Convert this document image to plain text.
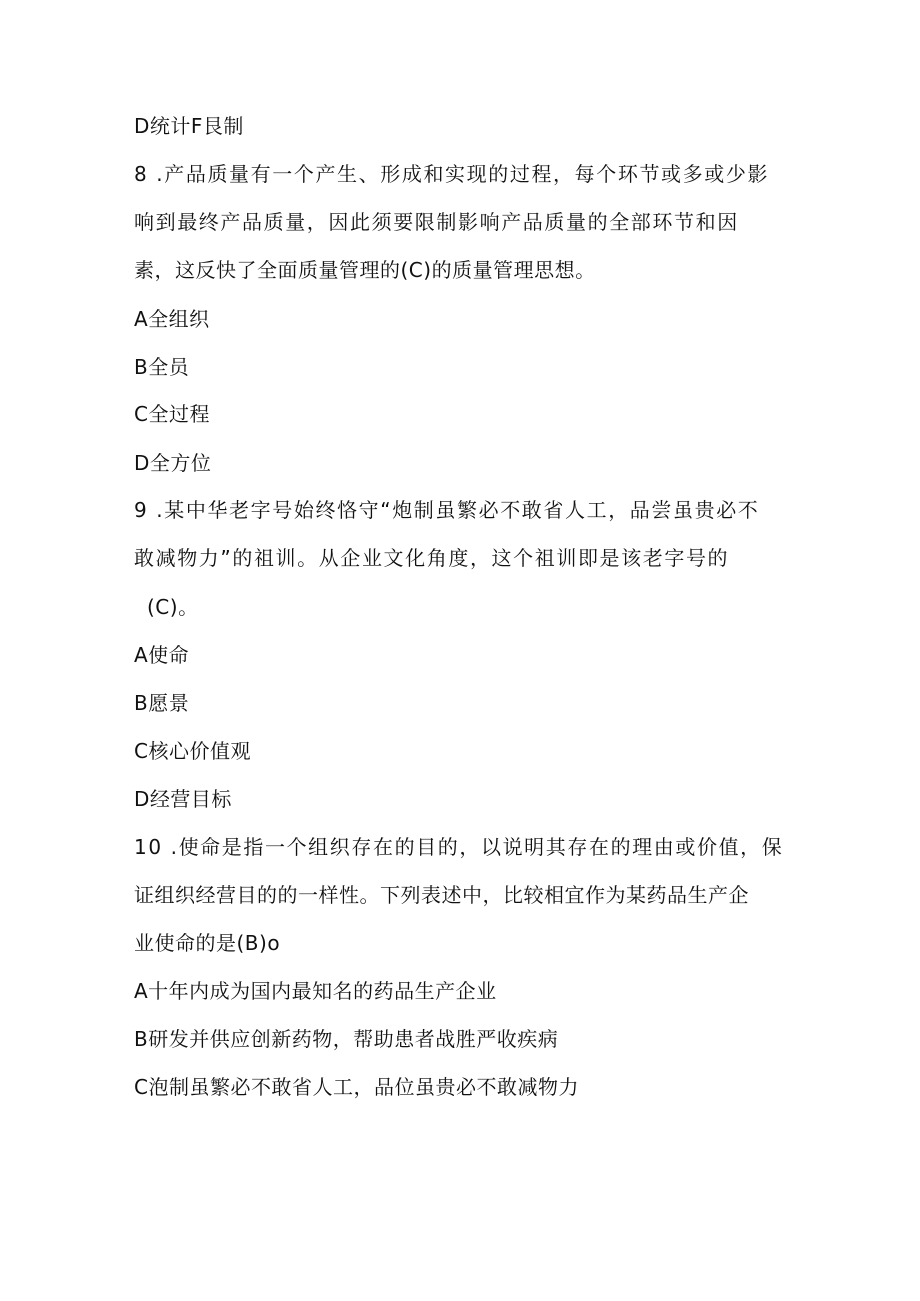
D统计F艮制
8 .产品质量有一个产生、形成和实现的过程，每个环节或多或少影
响到最终产品质量，因此须要限制影响产品质量的全部环节和因
素，这反快了全面质量管理的(C)的质量管理思想。
A全组织
B全员
C全过程
D全方位
9 .某中华老字号始终恪守“炮制虽繁必不敢省人工，品尝虽贵必不
敢减物力”的祖训。从企业文化角度，这个祖训即是该老字号的
(C)。
A使命
B愿景
C核心价值观
D经营目标
10 .使命是指一个组织存在的目的，以说明其存在的理由或价值，保
证组织经营目的的一样性。下列表述中，比较相宜作为某药品生产企
业使命的是(B)o
A十年内成为国内最知名的药品生产企业
B研发并供应创新药物，帮助患者战胜严收疾病
C泡制虽繁必不敢省人工，品位虽贵必不敢减物力
